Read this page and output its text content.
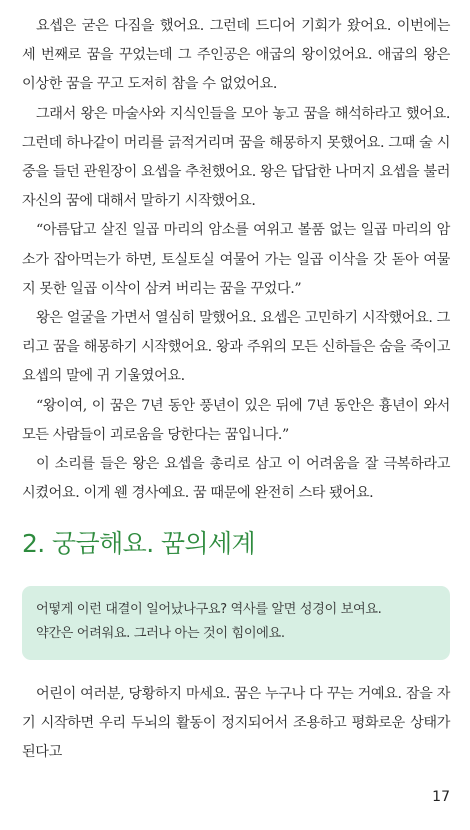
요셉은 굳은 다짐을 했어요. 그런데 드디어 기회가 왔어요. 이번에는 세 번째로 꿈을 꾸었는데 그 주인공은 애굽의 왕이었어요. 애굽의 왕은 이상한 꿈을 꾸고 도저히 참을 수 없었어요.

그래서 왕은 마술사와 지식인들을 모아 놓고 꿈을 해석하라고 했어요. 그런데 하나같이 머리를 긁적거리며 꿈을 해몽하지 못했어요. 그때 술 시중을 들던 관원장이 요셉을 추천했어요. 왕은 답답한 나머지 요셉을 불러 자신의 꿈에 대해서 말하기 시작했어요.

“아름답고 살진 일곱 마리의 암소를 여위고 볼품 없는 일곱 마리의 암소가 잡아먹는가 하면, 토실토실 여물어 가는 일곱 이삭을 갓 돋아 여물지 못한 일곱 이삭이 삼켜 버리는 꿈을 꾸었다.”

왕은 얼굴을 가면서 열심히 말했어요. 요셉은 고민하기 시작했어요. 그리고 꿈을 해몽하기 시작했어요. 왕과 주위의 모든 신하들은 숨을 죽이고 요셉의 말에 귀 기울였어요.

“왕이여, 이 꿈은 7년 동안 풍년이 있은 뒤에 7년 동안은 흉년이 와서 모든 사람들이 괴로움을 당한다는 꿈입니다.”

이 소리를 들은 왕은 요셉을 총리로 삼고 이 어려움을 잘 극복하라고 시켰어요. 이게 웬 경사예요. 꿈 때문에 완전히 스타 됐어요.

2. 궁금해요. 꿈의세계

어떻게 이런 대결이 일어났나구요? 역사를 알면 성경이 보여요.

약간은 어려워요. 그러나 아는 것이 힘이에요.

어린이 여러분, 당황하지 마세요. 꿈은 누구나 다 꾸는 거예요. 잠을 자기 시작하면 우리 두뇌의 활동이 정지되어서 조용하고 평화로운 상태가 된다고

17
